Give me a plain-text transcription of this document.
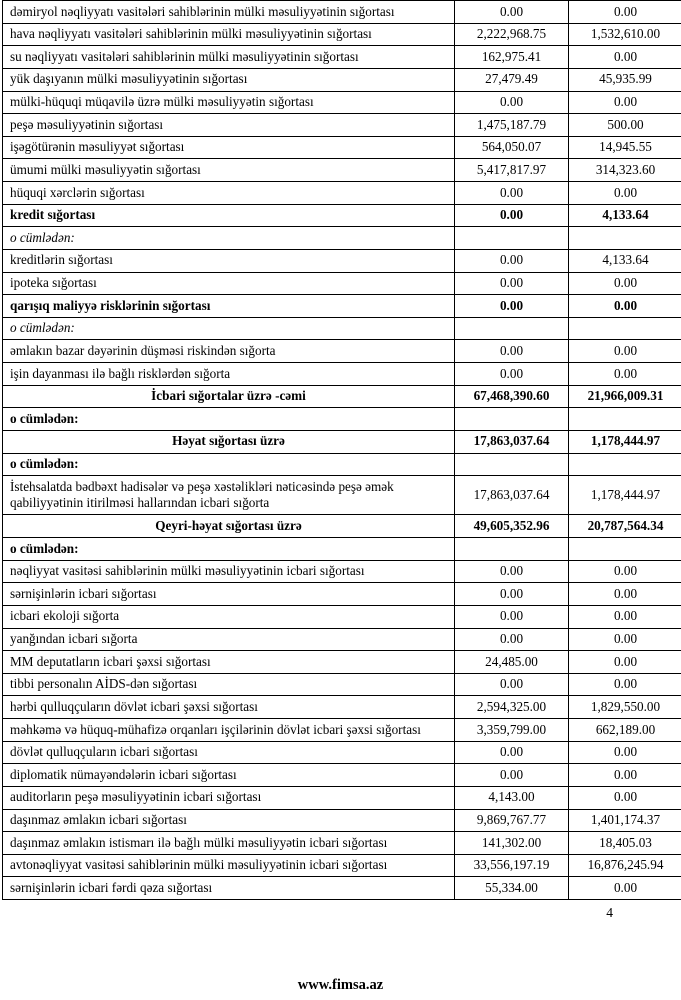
dəmiryol nəqliyyatı vasitələri sahiblərinin mülki məsuliyyətinin sığortası	0.00	0.00
hava nəqliyyatı vasitələri sahiblərinin mülki məsuliyyətinin sığortası	2,222,968.75	1,532,610.00
su nəqliyyatı vasitələri sahiblərinin mülki məsuliyyətinin sığortası	162,975.41	0.00
yük daşıyanın mülki məsuliyyətinin sığortası	27,479.49	45,935.99
mülki-hüquqi müqavilə üzrə mülki məsuliyyətin sığortası	0.00	0.00
peşə məsuliyyətinin sığortası	1,475,187.79	500.00
işəgötürənin məsuliyyət sığortası	564,050.07	14,945.55
ümumi mülki məsuliyyətin sığortası	5,417,817.97	314,323.60
hüquqi xərclərin sığortası	0.00	0.00
kredit sığortası	0.00	4,133.64
o cümlədən:		
kreditlərin sığortası	0.00	4,133.64
ipoteka sığortası	0.00	0.00
qarışıq maliyyə risklərinin sığortası	0.00	0.00
o cümlədən:		
əmlakın bazar dəyərinin düşməsi riskindən sığorta	0.00	0.00
işin dayanması ilə bağlı risklərdən sığorta	0.00	0.00
İcbari sığortalar üzrə -cəmi	67,468,390.60	21,966,009.31
o cümlədən:		
Həyat sığortası üzrə	17,863,037.64	1,178,444.97
o cümlədən:		
İstehsalatda bədbəxt hadisələr və peşə xəstəlikləri nəticəsində peşə əmək qabiliyyətinin itirilməsi hallarından icbari sığorta	17,863,037.64	1,178,444.97
Qeyri-həyat sığortası üzrə	49,605,352.96	20,787,564.34
o cümlədən:		
nəqliyyat vasitəsi sahiblərinin mülki məsuliyyətinin icbari sığortası	0.00	0.00
sərnişinlərin icbari sığortası	0.00	0.00
icbari ekoloji sığorta	0.00	0.00
yanğından icbari sığorta	0.00	0.00
MM deputatların icbari şəxsi sığortası	24,485.00	0.00
tibbi personalın AİDS-dən sığortası	0.00	0.00
hərbi qulluqçuların dövlət icbari şəxsi sığortası	2,594,325.00	1,829,550.00
məhkəmə və hüquq-mühafizə orqanları işçilərinin dövlət icbari şəxsi sığortası	3,359,799.00	662,189.00
dövlət qulluqçuların icbari sığortası	0.00	0.00
diplomatik nümayəndələrin icbari sığortası	0.00	0.00
auditorların peşə məsuliyyətinin icbari sığortası	4,143.00	0.00
daşınmaz əmlakın icbari sığortası	9,869,767.77	1,401,174.37
daşınmaz əmlakın istismarı ilə bağlı mülki məsuliyyətin icbari sığortası	141,302.00	18,405.03
avtonəqliyyat vasitəsi sahiblərinin mülki məsuliyyətinin icbari sığortası	33,556,197.19	16,876,245.94
sərnişinlərin icbari fərdi qəza sığortası	55,334.00	0.00
4
www.fimsa.az
